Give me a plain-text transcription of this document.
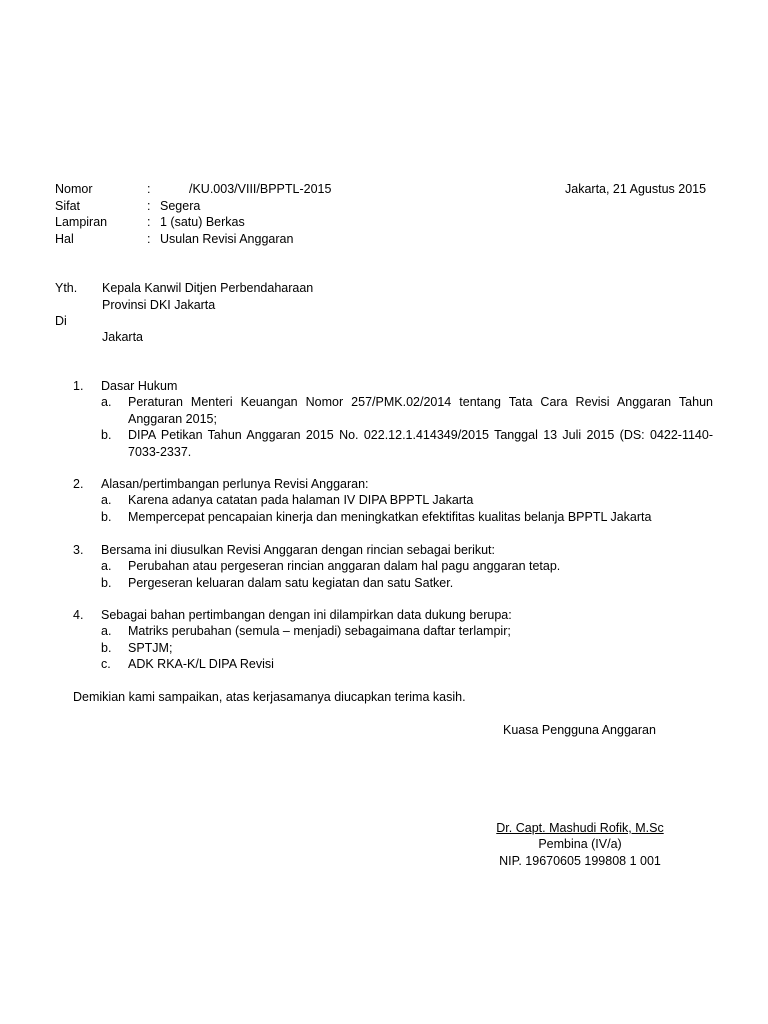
Nomor	:	/KU.003/VIII/BPPTL-2015	Jakarta, 21 Agustus 2015
Sifat	: Segera
Lampiran	: 1 (satu) Berkas
Hal	: Usulan Revisi Anggaran
Yth. Kepala Kanwil Ditjen Perbendaharaan
Provinsi DKI Jakarta
Di
Jakarta
1. Dasar Hukum
a. Peraturan Menteri Keuangan Nomor 257/PMK.02/2014 tentang Tata Cara Revisi Anggaran Tahun Anggaran 2015;
b. DIPA Petikan Tahun Anggaran 2015 No. 022.12.1.414349/2015 Tanggal 13 Juli 2015 (DS: 0422-1140-7033-2337.
2. Alasan/pertimbangan perlunya Revisi Anggaran:
a. Karena adanya catatan pada halaman IV DIPA BPPTL Jakarta
b. Mempercepat pencapaian kinerja dan meningkatkan efektifitas kualitas belanja BPPTL Jakarta
3. Bersama ini diusulkan Revisi Anggaran dengan rincian sebagai berikut:
a. Perubahan atau pergeseran rincian anggaran dalam hal pagu anggaran tetap.
b. Pergeseran keluaran dalam satu kegiatan dan satu Satker.
4. Sebagai bahan pertimbangan dengan ini dilampirkan data dukung berupa:
a. Matriks perubahan (semula – menjadi) sebagaimana daftar terlampir;
b. SPTJM;
c. ADK RKA-K/L DIPA Revisi
Demikian kami sampaikan, atas kerjasamanya diucapkan terima kasih.
Kuasa Pengguna Anggaran
Dr. Capt. Mashudi Rofik, M.Sc
Pembina (IV/a)
NIP. 19670605 199808 1 001
